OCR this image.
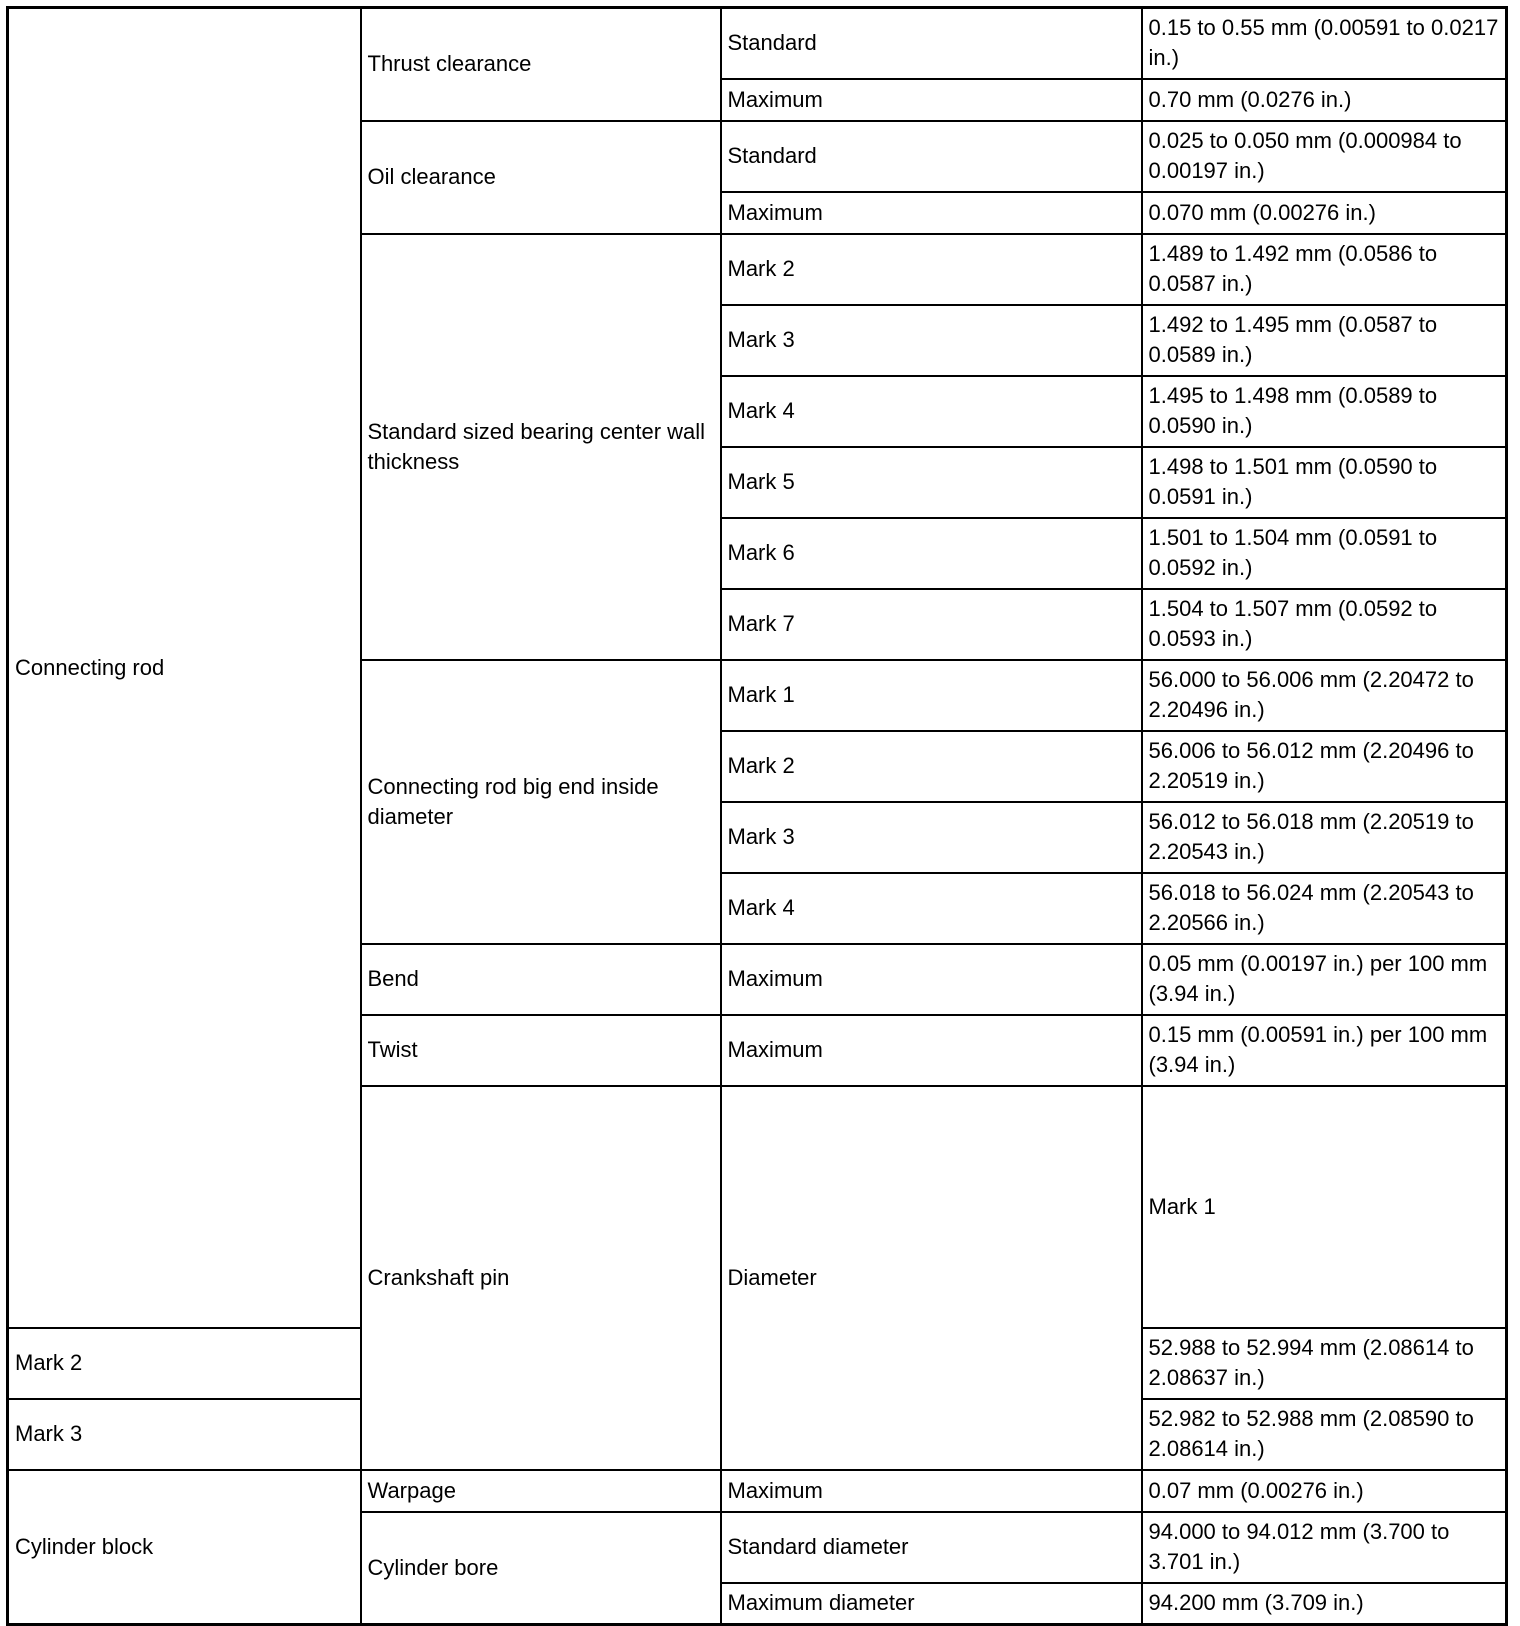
Connecting rod	Thrust clearance	Standard	0.15 to 0.55 mm (0.00591 to 0.0217 in.)	
		Maximum	0.70 mm (0.0276 in.)	
	Oil clearance	Standard	0.025 to 0.050 mm (0.000984 to 0.00197 in.)	
		Maximum	0.070 mm (0.00276 in.)	
	Standard sized bearing center wall thickness	Mark 2	1.489 to 1.492 mm (0.0586 to 0.0587 in.)	
		Mark 3	1.492 to 1.495 mm (0.0587 to 0.0589 in.)	
		Mark 4	1.495 to 1.498 mm (0.0589 to 0.0590 in.)	
		Mark 5	1.498 to 1.501 mm (0.0590 to 0.0591 in.)	
		Mark 6	1.501 to 1.504 mm (0.0591 to 0.0592 in.)	
		Mark 7	1.504 to 1.507 mm (0.0592 to 0.0593 in.)	
	Connecting rod big end inside diameter	Mark 1	56.000 to 56.006 mm (2.20472 to 2.20496 in.)	
		Mark 2	56.006 to 56.012 mm (2.20496 to 2.20519 in.)	
		Mark 3	56.012 to 56.018 mm (2.20519 to 2.20543 in.)	
		Mark 4	56.018 to 56.024 mm (2.20543 to 2.20566 in.)	
	Bend	Maximum	0.05 mm (0.00197 in.) per 100 mm (3.94 in.)	
	Twist	Maximum	0.15 mm (0.00591 in.) per 100 mm (3.94 in.)	
	Crankshaft pin	Diameter	Mark 1	
Mark 2			52.988 to 52.994 mm (2.08614 to 2.08637 in.)	
Mark 3			52.982 to 52.988 mm (2.08590 to 2.08614 in.)	
Cylinder block	Warpage	Maximum	0.07 mm (0.00276 in.)	
	Cylinder bore	Standard diameter	94.000 to 94.012 mm (3.700 to 3.701 in.)	
		Maximum diameter	94.200 mm (3.709 in.)	
